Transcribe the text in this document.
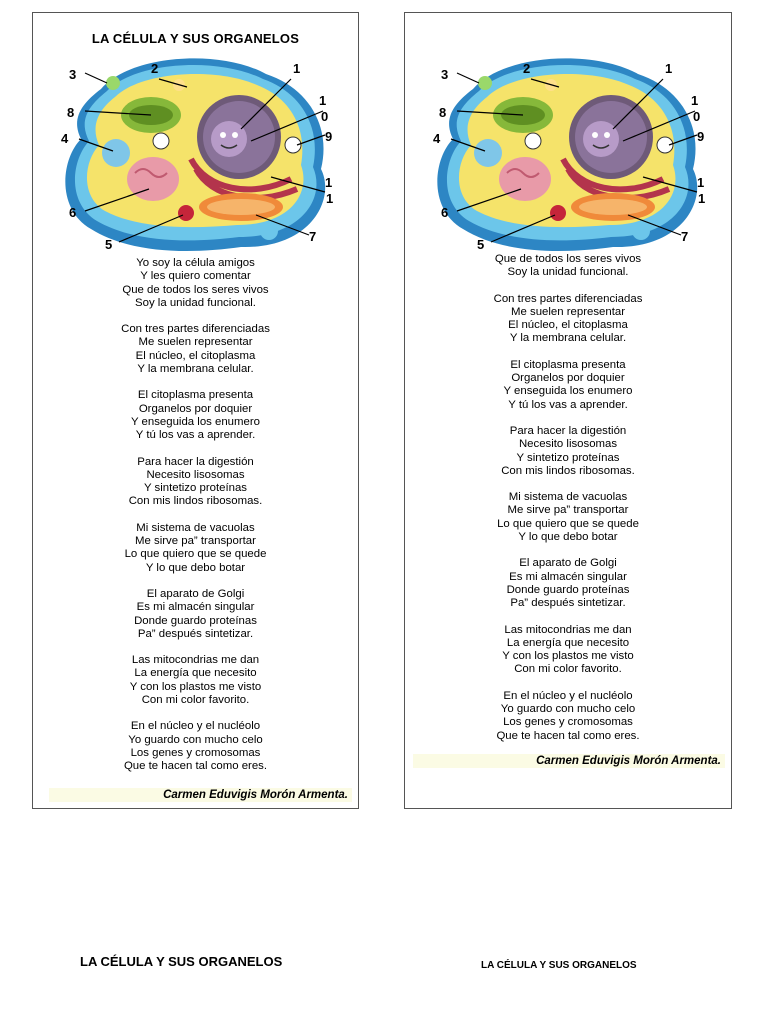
LA CÉLULA Y SUS ORGANELOS
1
1
0
1
1
2
3
4
5
6
7
8
9
Yo soy la célula amigos
Y les quiero comentar
Que de todos los seres vivos
Soy la unidad funcional.
Con tres partes diferenciadas
Me suelen representar
El núcleo, el citoplasma
Y la membrana celular.
El citoplasma presenta
Organelos por doquier
Y enseguida los enumero
Y tú los vas a aprender.
Para hacer la digestión
Necesito lisosomas
Y sintetizo proteínas
Con mis lindos ribosomas.
Mi sistema de vacuolas
Me sirve pa” transportar
Lo que quiero que se quede
Y lo que debo botar
El aparato de Golgi
Es mi almacén singular
Donde guardo proteínas
Pa” después sintetizar.
Las mitocondrias me dan
La energía que necesito
Y con los plastos me visto
Con mi color favorito.
En el núcleo y el nucléolo
Yo guardo con mucho celo
Los genes y cromosomas
Que te hacen tal como eres.
Carmen Eduvigis Morón Armenta.
1
1
0
1
1
2
3
4
5
6
7
8
9
Que de todos los seres vivos
Soy la unidad funcional.
Con tres partes diferenciadas
Me suelen representar
El núcleo, el citoplasma
Y la membrana celular.
El citoplasma presenta
Organelos por doquier
Y enseguida los enumero
Y tú los vas a aprender.
Para hacer la digestión
Necesito lisosomas
Y sintetizo proteínas
Con mis lindos ribosomas.
Mi sistema de vacuolas
Me sirve pa” transportar
Lo que quiero que se quede
Y lo que debo botar
El aparato de Golgi
Es mi almacén singular
Donde guardo proteínas
Pa” después sintetizar.
Las mitocondrias me dan
La energía que necesito
Y con los plastos me visto
Con mi color favorito.
En el núcleo y el nucléolo
Yo guardo con mucho celo
Los genes y cromosomas
Que te hacen tal como eres.
Carmen Eduvigis Morón Armenta.
LA CÉLULA Y SUS ORGANELOS	LA CÉLULA Y SUS ORGANELOS
